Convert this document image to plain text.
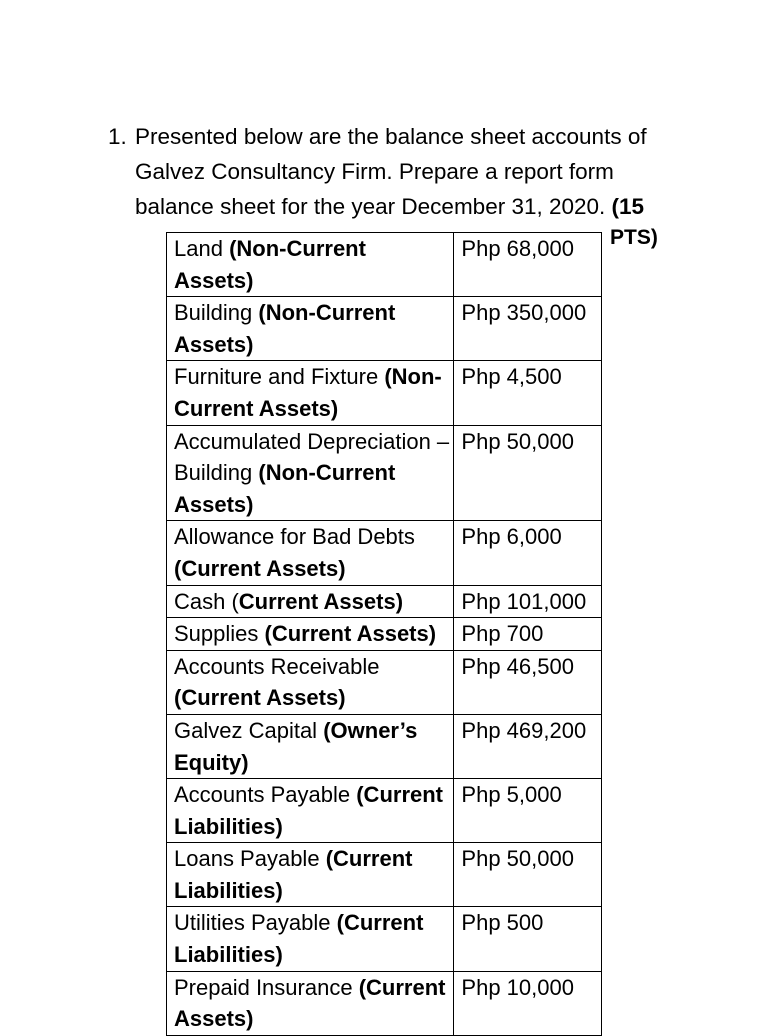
1. Presented below are the balance sheet accounts of
Galvez Consultancy Firm. Prepare a report form
balance sheet for the year December 31, 2020. (15
PTS)
Land (Non-Current Assets)	Php 68,000
Building (Non-Current Assets)	Php 350,000
Furniture and Fixture (Non-Current Assets)	Php 4,500
Accumulated Depreciation – Building (Non-Current Assets)	Php 50,000
Allowance for Bad Debts (Current Assets)	Php 6,000
Cash (Current Assets)	Php 101,000
Supplies (Current Assets)	Php 700
Accounts Receivable (Current Assets)	Php 46,500
Galvez Capital (Owner’s Equity)	Php 469,200
Accounts Payable (Current Liabilities)	Php 5,000
Loans Payable (Current Liabilities)	Php 50,000
Utilities Payable (Current Liabilities)	Php 500
Prepaid Insurance (Current Assets)	Php 10,000
